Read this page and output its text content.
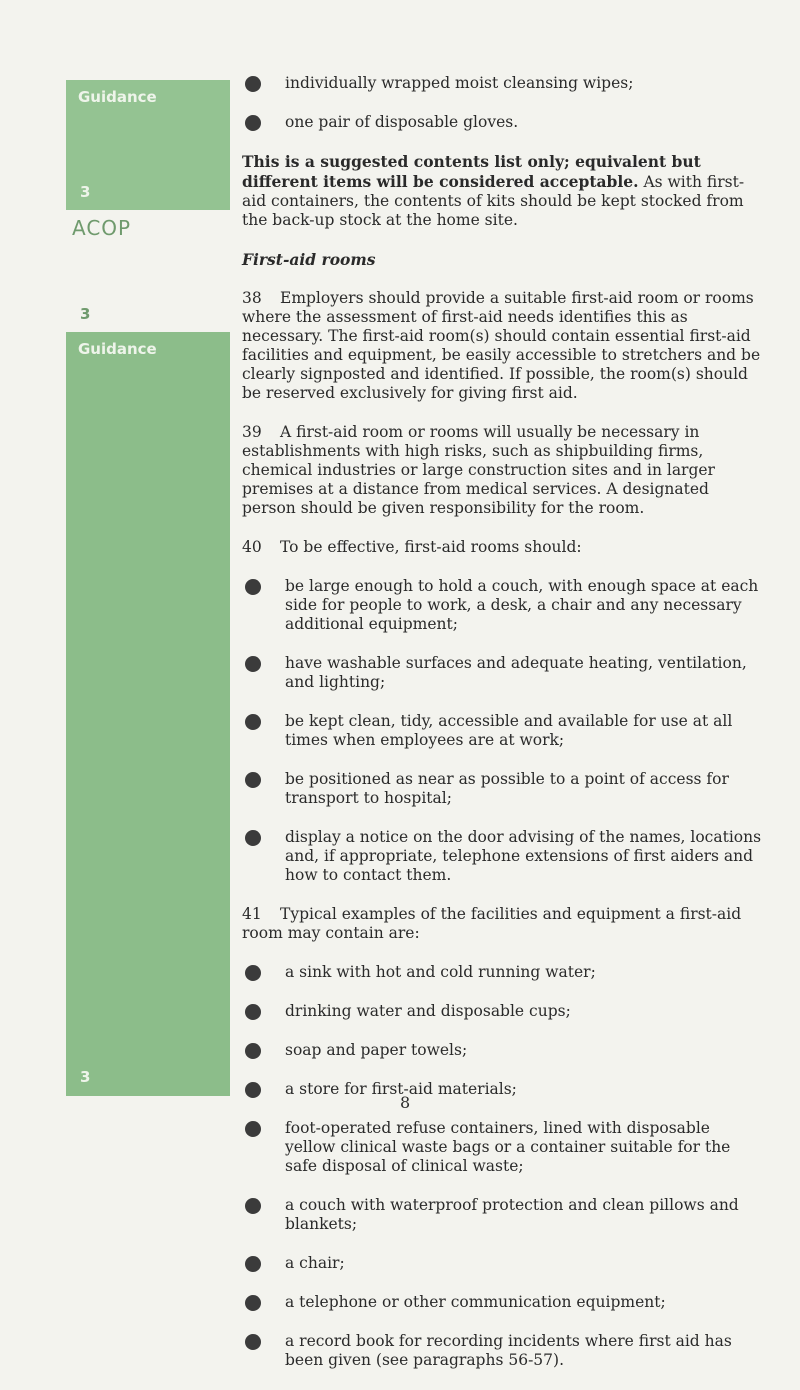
Guidance
3
ACOP
3
Guidance
3
individually wrapped moist cleansing wipes;
one pair of disposable gloves.

This is a suggested contents list only; equivalent but different items will be considered acceptable. As with first-aid containers, the contents of kits should be kept stocked from the back-up stock at the home site.

First-aid rooms

38 Employers should provide a suitable first-aid room or rooms where the assessment of first-aid needs identifies this as necessary. The first-aid room(s) should contain essential first-aid facilities and equipment, be easily accessible to stretchers and be clearly signposted and identified. If possible, the room(s) should be reserved exclusively for giving first aid.

39 A first-aid room or rooms will usually be necessary in establishments with high risks, such as shipbuilding firms, chemical industries or large construction sites and in larger premises at a distance from medical services. A designated person should be given responsibility for the room.

40 To be effective, first-aid rooms should:

be large enough to hold a couch, with enough space at each side for people to work, a desk, a chair and any necessary additional equipment;
have washable surfaces and adequate heating, ventilation, and lighting;
be kept clean, tidy, accessible and available for use at all times when employees are at work;
be positioned as near as possible to a point of access for transport to hospital;
display a notice on the door advising of the names, locations and, if appropriate, telephone extensions of first aiders and how to contact them.

41 Typical examples of the facilities and equipment a first-aid room may contain are:

a sink with hot and cold running water;
drinking water and disposable cups;
soap and paper towels;
a store for first-aid materials;
foot-operated refuse containers, lined with disposable yellow clinical waste bags or a container suitable for the safe disposal of clinical waste;
a couch with waterproof protection and clean pillows and blankets;
a chair;
a telephone or other communication equipment;
a record book for recording incidents where first aid has been given (see paragraphs 56-57).
8
